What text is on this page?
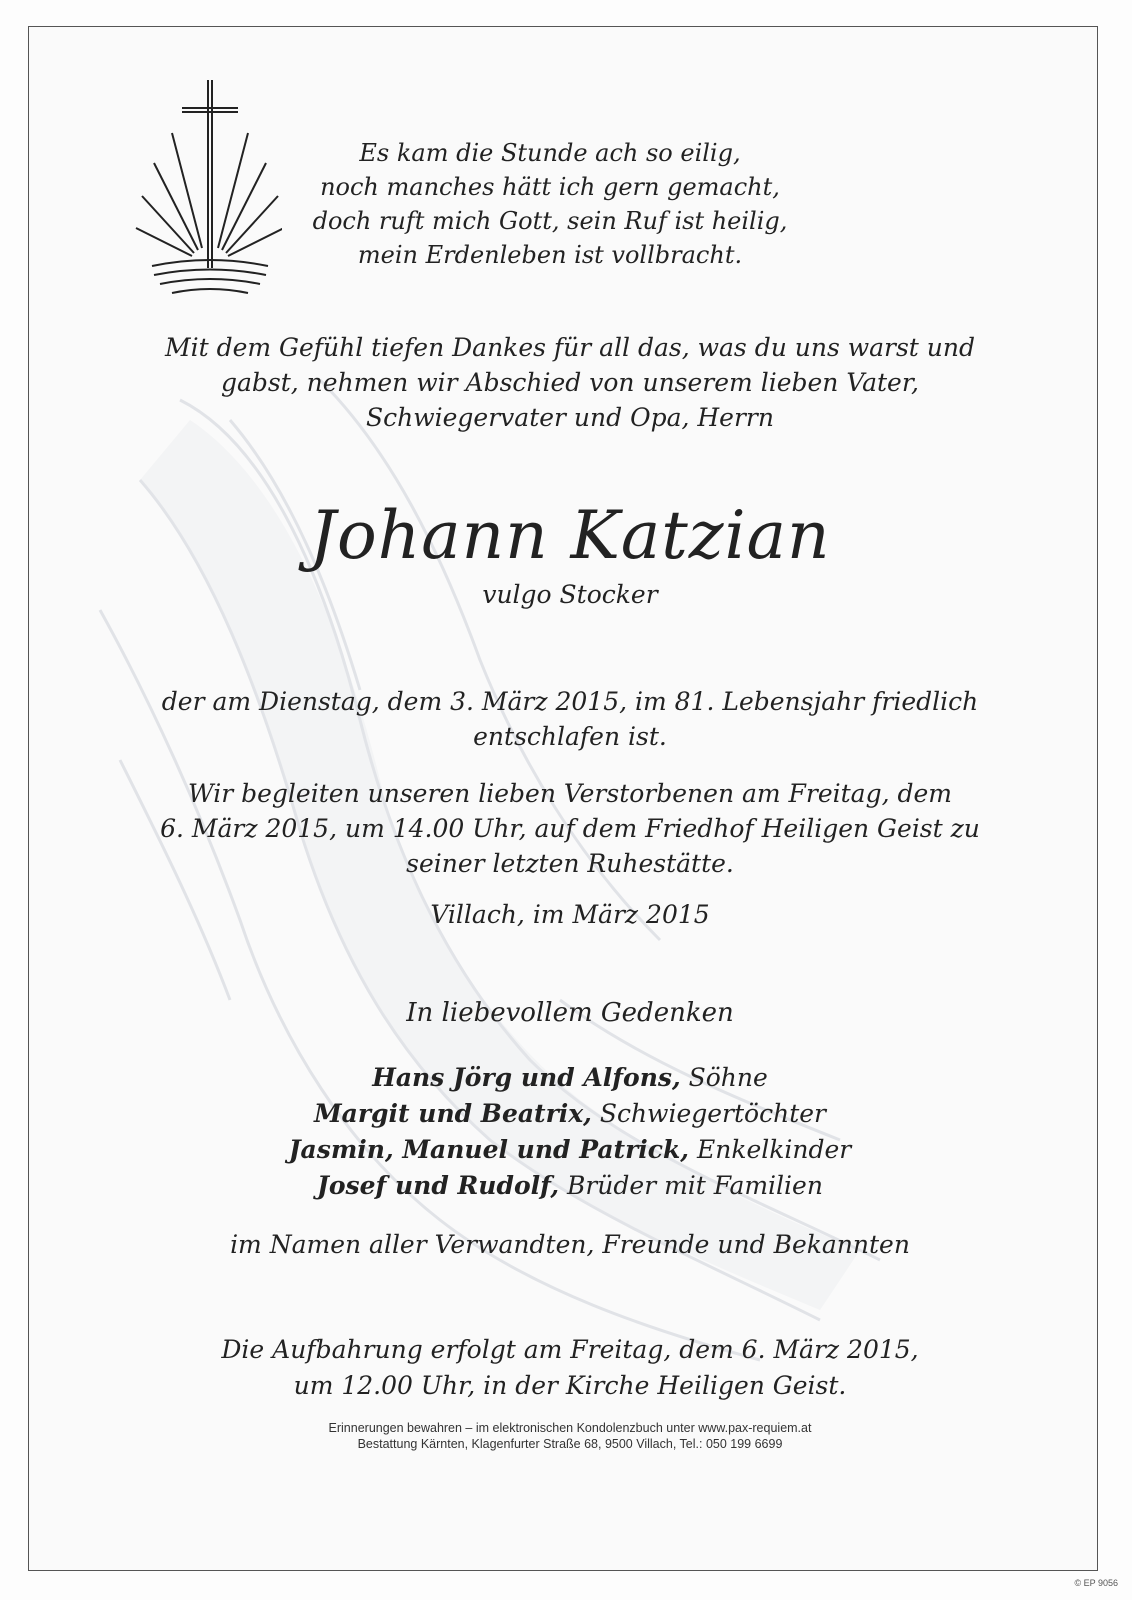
Es kam die Stunde ach so eilig,
noch manches hätt ich gern gemacht,
doch ruft mich Gott, sein Ruf ist heilig,
mein Erdenleben ist vollbracht.
Mit dem Gefühl tiefen Dankes für all das, was du uns warst und
gabst, nehmen wir Abschied von unserem lieben Vater,
Schwiegervater und Opa, Herrn
Johann Katzian
vulgo Stocker
der am Dienstag, dem 3. März 2015, im 81. Lebensjahr friedlich
entschlafen ist.
Wir begleiten unseren lieben Verstorbenen am Freitag, dem
6. März 2015, um 14.00 Uhr, auf dem Friedhof Heiligen Geist zu
seiner letzten Ruhestätte.
Villach, im März 2015
In liebevollem Gedenken
Hans Jörg und Alfons, Söhne
Margit und Beatrix, Schwiegertöchter
Jasmin, Manuel und Patrick, Enkelkinder
Josef und Rudolf, Brüder mit Familien
im Namen aller Verwandten, Freunde und Bekannten
Die Aufbahrung erfolgt am Freitag, dem 6. März 2015,
um 12.00 Uhr, in der Kirche Heiligen Geist.
Erinnerungen bewahren – im elektronischen Kondolenzbuch unter www.pax-requiem.at
Bestattung Kärnten, Klagenfurter Straße 68, 9500 Villach, Tel.: 050 199 6699
© EP 9056
